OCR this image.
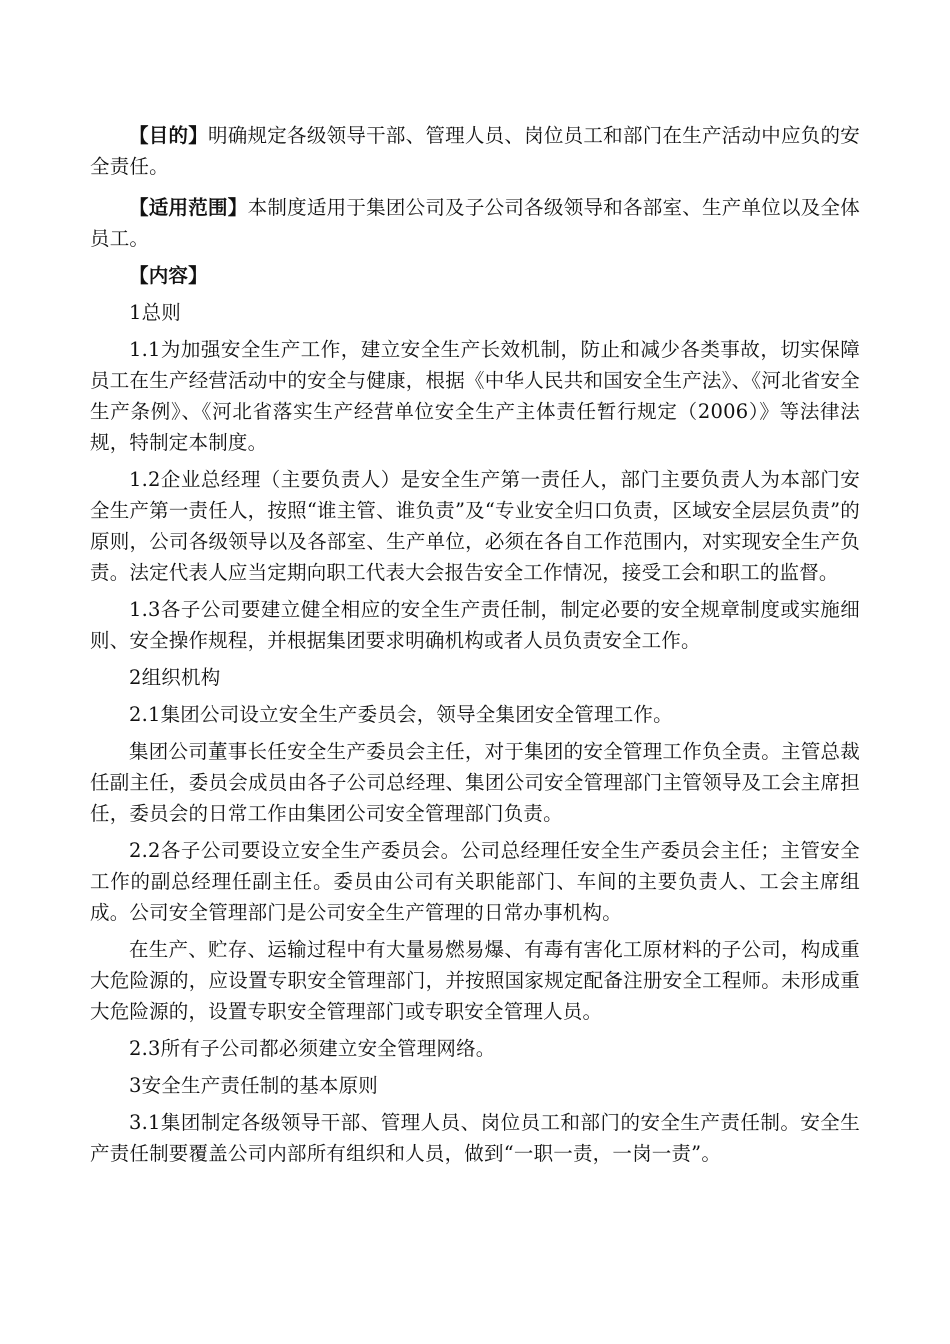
【目的】明确规定各级领导干部、管理人员、岗位员工和部门在生产活动中应负的安全责任。

【适用范围】本制度适用于集团公司及子公司各级领导和各部室、生产单位以及全体员工。

【内容】

1总则

1.1为加强安全生产工作，建立安全生产长效机制，防止和减少各类事故，切实保障员工在生产经营活动中的安全与健康，根据《中华人民共和国安全生产法》、《河北省安全生产条例》、《河北省落实生产经营单位安全生产主体责任暂行规定（2006）》等法律法规，特制定本制度。

1.2企业总经理（主要负责人）是安全生产第一责任人，部门主要负责人为本部门安全生产第一责任人，按照“谁主管、谁负责”及“专业安全归口负责，区域安全层层负责”的原则，公司各级领导以及各部室、生产单位，必须在各自工作范围内，对实现安全生产负责。法定代表人应当定期向职工代表大会报告安全工作情况，接受工会和职工的监督。

1.3各子公司要建立健全相应的安全生产责任制，制定必要的安全规章制度或实施细则、安全操作规程，并根据集团要求明确机构或者人员负责安全工作。

2组织机构

2.1集团公司设立安全生产委员会，领导全集团安全管理工作。

集团公司董事长任安全生产委员会主任，对于集团的安全管理工作负全责。主管总裁任副主任，委员会成员由各子公司总经理、集团公司安全管理部门主管领导及工会主席担任，委员会的日常工作由集团公司安全管理部门负责。

2.2各子公司要设立安全生产委员会。公司总经理任安全生产委员会主任；主管安全工作的副总经理任副主任。委员由公司有关职能部门、车间的主要负责人、工会主席组成。公司安全管理部门是公司安全生产管理的日常办事机构。

在生产、贮存、运输过程中有大量易燃易爆、有毒有害化工原材料的子公司，构成重大危险源的，应设置专职安全管理部门，并按照国家规定配备注册安全工程师。未形成重大危险源的，设置专职安全管理部门或专职安全管理人员。

2.3所有子公司都必须建立安全管理网络。

3安全生产责任制的基本原则

3.1集团制定各级领导干部、管理人员、岗位员工和部门的安全生产责任制。安全生产责任制要覆盖公司内部所有组织和人员，做到“一职一责，一岗一责”。
